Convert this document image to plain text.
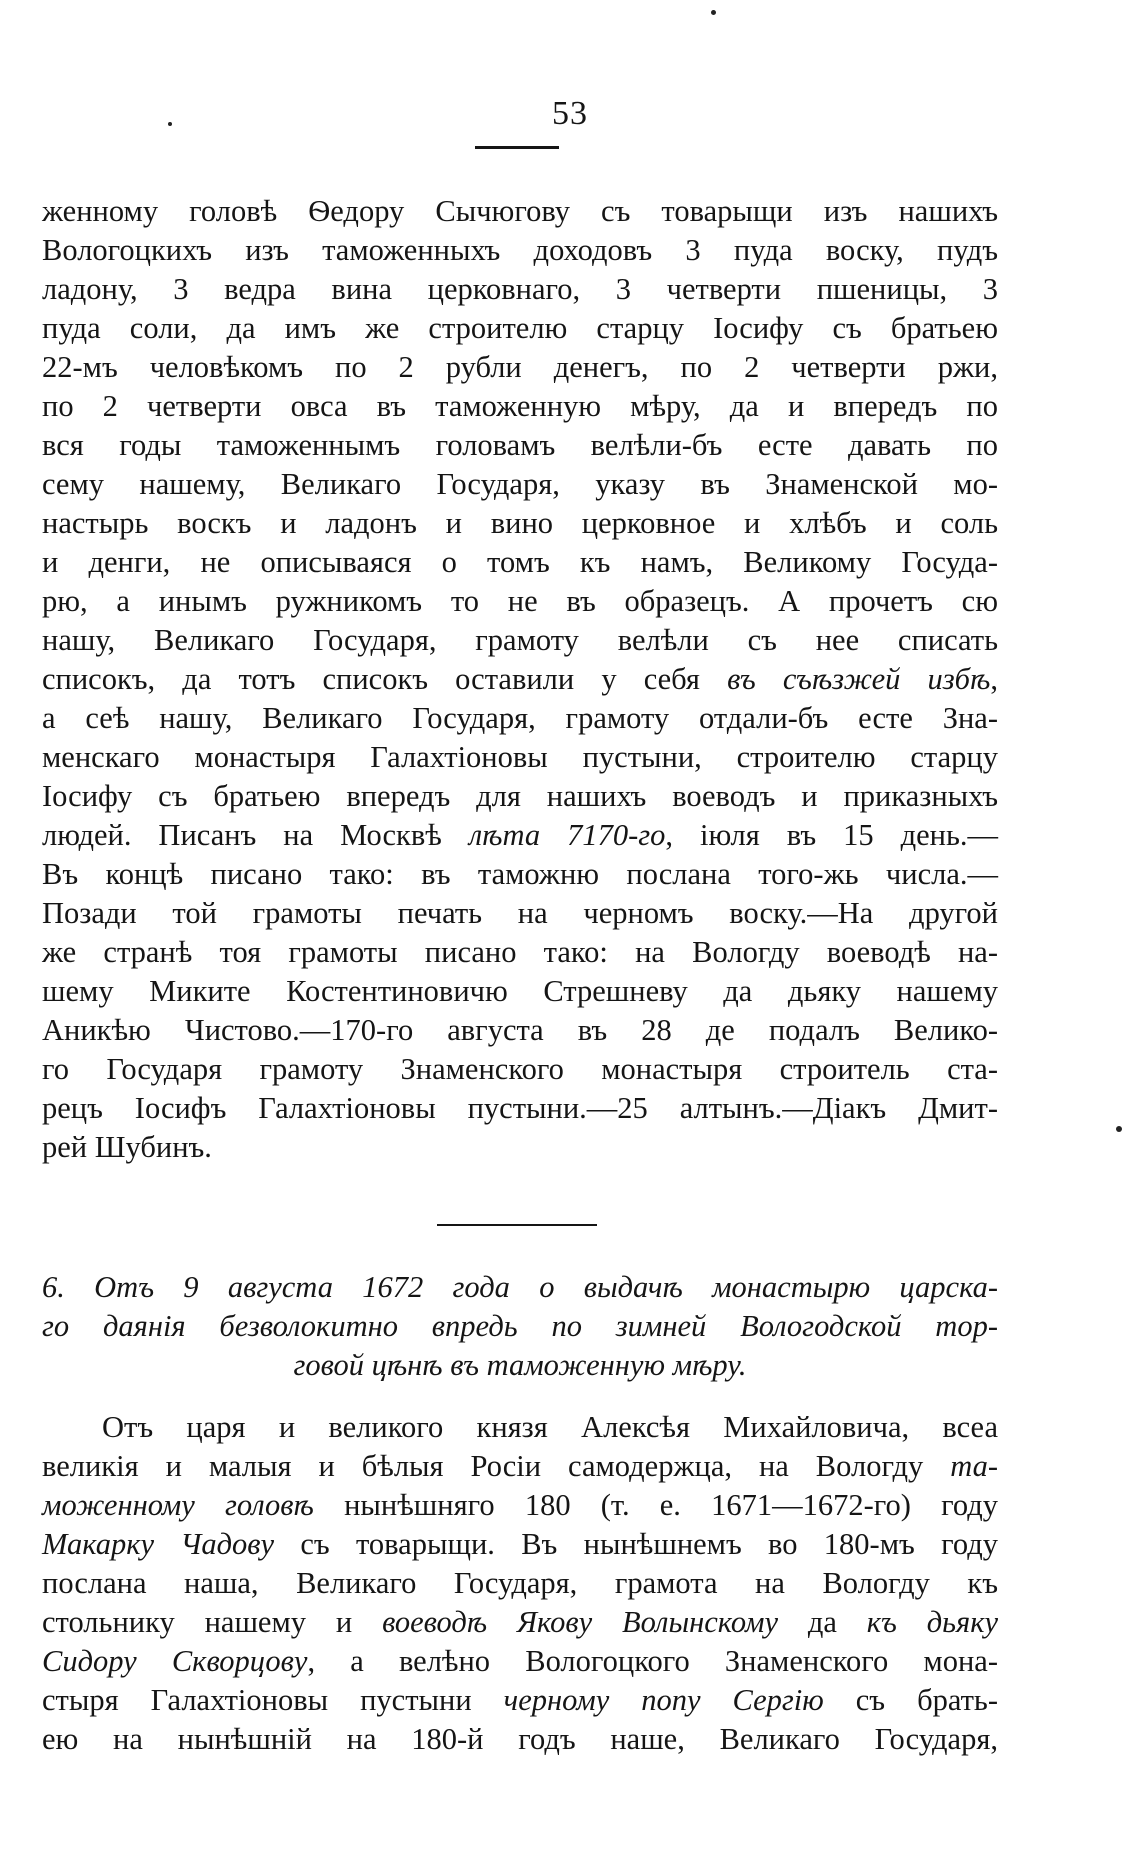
53
женному головѣ Ѳедору Сычюгову съ товарыщи изъ нашихъ
Вологоцкихъ изъ таможенныхъ доходовъ 3 пуда воску, пудъ
ладону, 3 ведра вина церковнаго, 3 четверти пшеницы, 3
пуда соли, да имъ же строителю старцу Іосифу съ братьею
22-мъ человѣкомъ по 2 рубли денегъ, по 2 четверти ржи,
по 2 четверти овса въ таможенную мѣру, да и впередъ по
вся годы таможеннымъ головамъ велѣли-бъ есте давать по
сему нашему, Великаго Государя, указу въ Знаменской мо-
настырь воскъ и ладонъ и вино церковное и хлѣбъ и соль
и денги, не описываяся о томъ къ намъ, Великому Госуда-
рю, а инымъ ружникомъ то не въ образецъ. А прочетъ сю
нашу, Великаго Государя, грамоту велѣли съ нее списать
списокъ, да тотъ списокъ оставили у себя въ съѣзжей избѣ,
а сеѣ нашу, Великаго Государя, грамоту отдали-бъ есте Зна-
менскаго монастыря Галахтіоновы пустыни, строителю старцу
Іосифу съ братьею впередъ для нашихъ воеводъ и приказныхъ
людей. Писанъ на Москвѣ лѣта 7170-го, іюля въ 15 день.—
Въ концѣ писано тако: въ таможню послана того-жь числа.—
Позади той грамоты печать на черномъ воску.—На другой
же странѣ тоя грамоты писано тако: на Вологду воеводѣ на-
шему Миките Костентиновичю Стрешневу да дьяку нашему
Аникѣю Чистово.—170-го августа въ 28 де подалъ Велико-
го Государя грамоту Знаменского монастыря строитель ста-
рецъ Іосифъ Галахтіоновы пустыни.—25 алтынъ.—Діакъ Дмит-
рей Шубинъ.
6. Отъ 9 августа 1672 года о выдачѣ монастырю царска-
го даянія безволокитно впредь по зимней Вологодской тор-
говой цѣнѣ въ таможенную мѣру.
Отъ царя и великого князя Алексѣя Михайловича, всеа
великія и малыя и бѣлыя Росіи самодержца, на Вологду та-
моженному головѣ нынѣшняго 180 (т. е. 1671—1672-го) году
Макарку Чадову съ товарыщи. Въ нынѣшнемъ во 180-мъ году
послана наша, Великаго Государя, грамота на Вологду къ
стольнику нашему и воеводѣ Якову Волынскому да къ дьяку
Сидору Скворцову, а велѣно Вологоцкого Знаменского мона-
стыря Галахтіоновы пустыни черному попу Сергію съ брать-
ею на нынѣшній на 180-й годъ наше, Великаго Государя,
